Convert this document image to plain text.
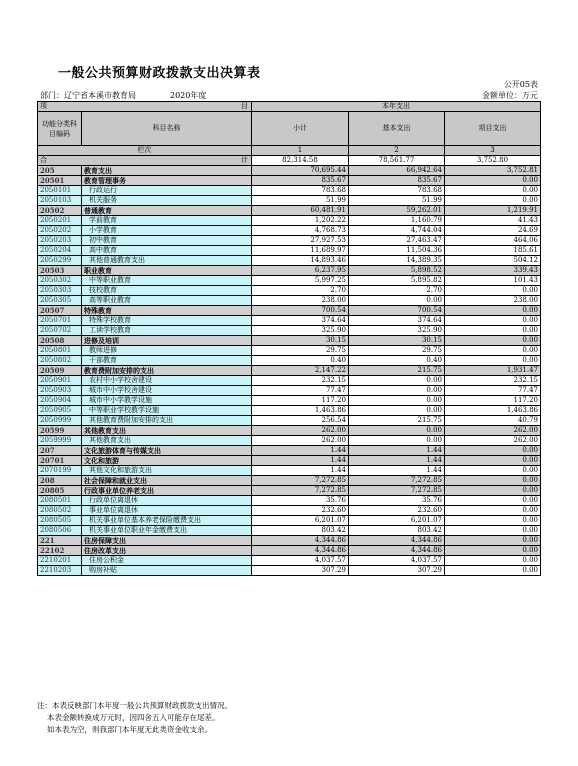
一般公共预算财政拨款支出决算表
公开05表
部门：辽宁省本溪市教育局	2020年度	金额单位：万元
项 目		本年支出		
功能分类科目编码	科目名称	小计	基本支出	项目支出
栏次		1	2	3
合 计		82,314.58	78,561.77	3,752.80
205	教育支出	70,695.44	66,942.64	3,752.81
20501	教育管理事务	835.67	835.67	0.00
2050101	行政运行	783.68	783.68	0.00
2050103	机关服务	51.99	51.99	0.00
20502	普通教育	60,481.91	59,262.01	1,219.91
2050201	学前教育	1,202.22	1,160.79	41.43
2050202	小学教育	4,768.73	4,744.04	24.69
2050203	初中教育	27,927.53	27,463.47	464.06
2050204	高中教育	11,689.97	11,504.36	185.61
2050299	其他普通教育支出	14,893.46	14,389.35	504.12
20503	职业教育	6,237.95	5,898.52	339.43
2050302	中等职业教育	5,997.25	5,895.82	101.43
2050303	技校教育	2.70	2.70	0.00
2050305	高等职业教育	238.00	0.00	238.00
20507	特殊教育	700.54	700.54	0.00
2050701	特殊学校教育	374.64	374.64	0.00
2050702	工读学校教育	325.90	325.90	0.00
20508	进修及培训	30.15	30.15	0.00
2050801	教师进修	29.75	29.75	0.00
2050802	干部教育	0.40	0.40	0.00
20509	教育费附加安排的支出	2,147.22	215.75	1,931.47
2050901	农村中小学校舍建设	232.15	0.00	232.15
2050903	城市中小学校舍建设	77.47	0.00	77.47
2050904	城市中小学教学设施	117.20	0.00	117.20
2050905	中等职业学校教学设施	1,463.86	0.00	1,463.86
2050999	其他教育费附加安排的支出	256.54	215.75	40.79
20599	其他教育支出	262.00	0.00	262.00
2059999	其他教育支出	262.00	0.00	262.00
207	文化旅游体育与传媒支出	1.44	1.44	0.00
20701	文化和旅游	1.44	1.44	0.00
2070199	其他文化和旅游支出	1.44	1.44	0.00
208	社会保障和就业支出	7,272.85	7,272.85	0.00
20805	行政事业单位养老支出	7,272.85	7,272.85	0.00
2080501	行政单位离退休	35.76	35.76	0.00
2080502	事业单位离退休	232.60	232.60	0.00
2080505	机关事业单位基本养老保险缴费支出	6,201.07	6,201.07	0.00
2080506	机关事业单位职业年金缴费支出	803.42	803.42	0.00
221	住房保障支出	4,344.86	4,344.86	0.00
22102	住房改革支出	4,344.86	4,344.86	0.00
2210201	住房公积金	4,037.57	4,037.57	0.00
2210203	购房补贴	307.29	307.29	0.00
注：本表反映部门本年度一般公共预算财政拨款支出情况。
本表金额转换成万元时，因四舍五入可能存在尾差。
如本表为空，则我部门本年度无此类资金收支余。
